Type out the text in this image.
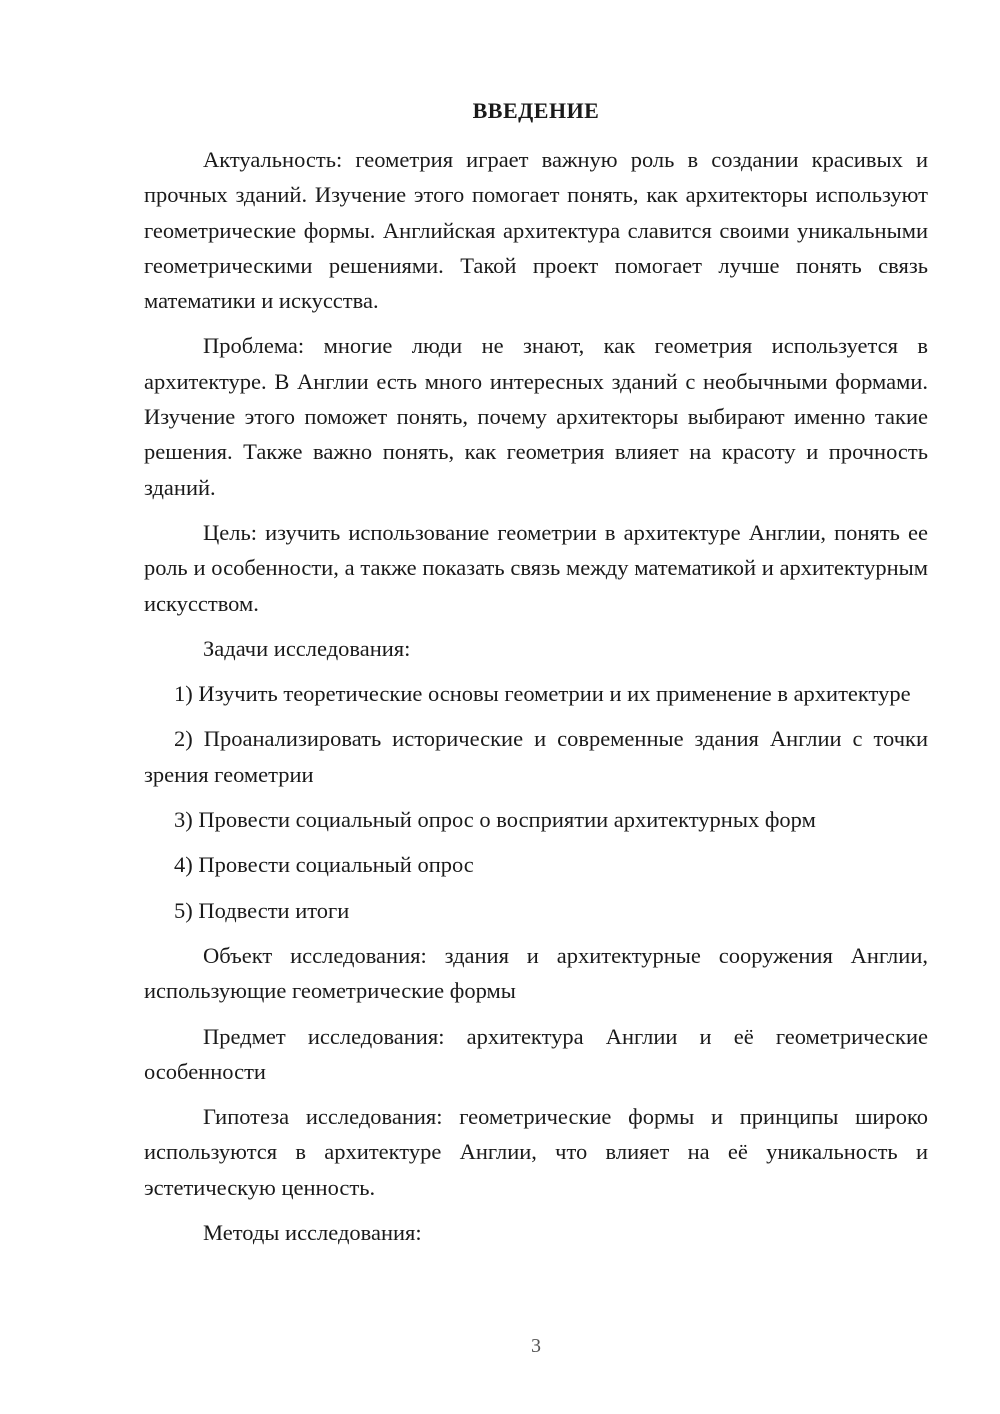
ВВЕДЕНИЕ

Актуальность: геометрия играет важную роль в создании красивых и прочных зданий. Изучение этого помогает понять, как архитекторы используют геометрические формы. Английская архитектура славится своими уникальными геометрическими решениями. Такой проект помогает лучше понять связь математики и искусства.

Проблема: многие люди не знают, как геометрия используется в архитектуре. В Англии есть много интересных зданий с необычными формами. Изучение этого поможет понять, почему архитекторы выбирают именно такие решения. Также важно понять, как геометрия влияет на красоту и прочность зданий.

Цель: изучить использование геометрии в архитектуре Англии, понять ее роль и особенности, а также показать связь между математикой и архитектурным искусством.

Задачи исследования:

1) Изучить теоретические основы геометрии и их применение в архитектуре

2) Проанализировать исторические и современные здания Англии с точки зрения геометрии

3) Провести социальный опрос о восприятии архитектурных форм

4) Провести социальный опрос

5) Подвести итоги

Объект исследования: здания и архитектурные сооружения Англии, использующие геометрические формы

Предмет исследования: архитектура Англии и её геометрические особенности

Гипотеза исследования: геометрические формы и принципы широко используются в архитектуре Англии, что влияет на её уникальность и эстетическую ценность.

Методы исследования:

3
